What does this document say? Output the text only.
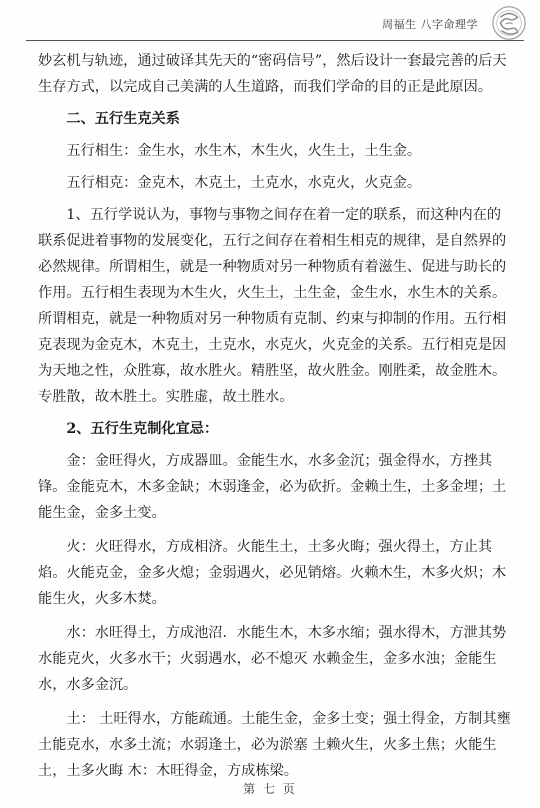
周福生 八字命理学

妙玄机与轨迹，通过破译其先天的“密码信号”，然后设计一套最完善的后天生存方式，以完成自己美满的人生道路，而我们学命的目的正是此原因。

二、五行生克关系

五行相生：金生水，水生木，木生火，火生土，土生金。

五行相克：金克木，木克土，土克水，水克火，火克金。

1、五行学说认为，事物与事物之间存在着一定的联系，而这种内在的联系促进着事物的发展变化，五行之间存在着相生相克的规律，是自然界的必然规律。所谓相生，就是一种物质对另一种物质有着滋生、促进与助长的作用。五行相生表现为木生火，火生土，土生金，金生水，水生木的关系。所谓相克，就是一种物质对另一种物质有克制、约束与抑制的作用。五行相克表现为金克木，木克土，土克水，水克火，火克金的关系。五行相克是因为天地之性，众胜寡，故水胜火。精胜坚，故火胜金。刚胜柔，故金胜木。专胜散，故木胜土。实胜虚，故土胜水。

2、五行生克制化宜忌：

金：金旺得火，方成器皿。金能生水，水多金沉；强金得水，方挫其锋。金能克木，木多金缺；木弱逢金，必为砍折。金赖土生，土多金埋；土能生金，金多土变。

火：火旺得水，方成相济。火能生土，土多火晦；强火得土，方止其焰。火能克金，金多火熄；金弱遇火，必见销熔。火赖木生，木多火炽；木能生火，火多木焚。

水：水旺得土，方成池沼．水能生木，木多水缩；强水得木，方泄其势 水能克火，火多水干；火弱遇水，必不熄灭 水赖金生，金多水浊；金能生水，水多金沉。

土： 土旺得水，方能疏通。土能生金，金多土变；强土得金，方制其壅 土能克水，水多土流；水弱逢土，必为淤塞 土赖火生，火多土焦；火能生土，土多火晦 木：木旺得金，方成栋梁。

第 七 页
